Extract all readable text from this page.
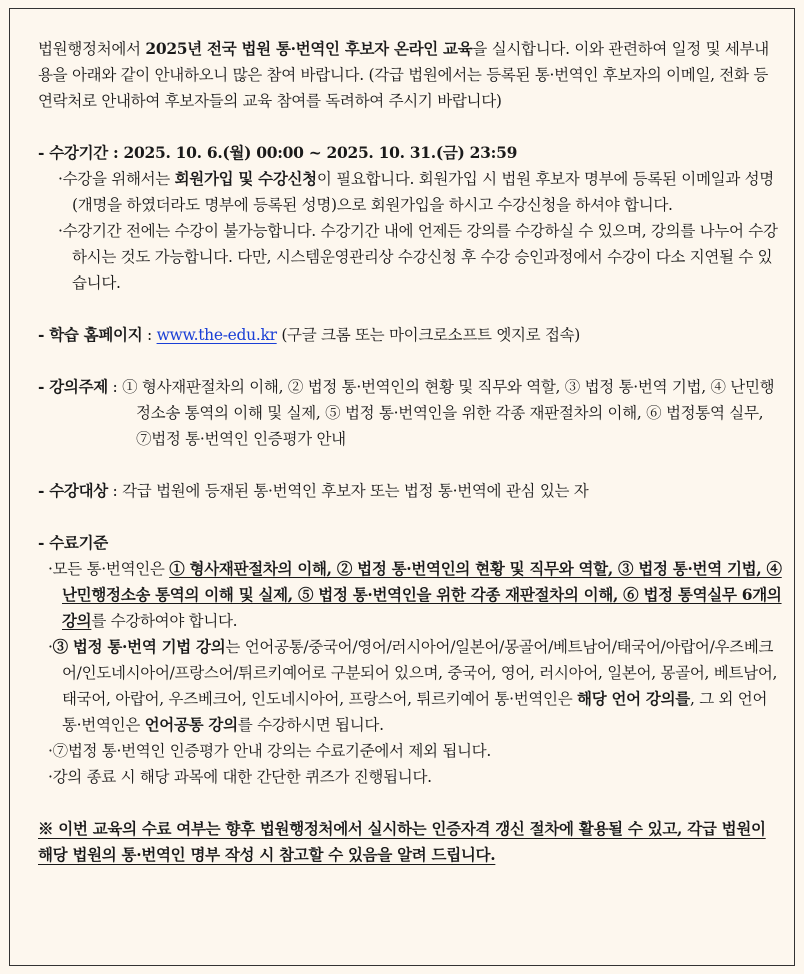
법원행정처에서 2025년 전국 법원 통·번역인 후보자 온라인 교육을 실시합니다. 이와 관련하여 일정 및 세부내용을 아래와 같이 안내하오니 많은 참여 바랍니다. (각급 법원에서는 등록된 통·번역인 후보자의 이메일, 전화 등 연락처로 안내하여 후보자들의 교육 참여를 독려하여 주시기 바랍니다)

- 수강기간 : 2025. 10. 6.(월) 00:00 ~ 2025. 10. 31.(금) 23:59

·수강을 위해서는 회원가입 및 수강신청이 필요합니다. 회원가입 시 법원 후보자 명부에 등록된 이메일과 성명(개명을 하였더라도 명부에 등록된 성명)으로 회원가입을 하시고 수강신청을 하셔야 합니다.

·수강기간 전에는 수강이 불가능합니다. 수강기간 내에 언제든 강의를 수강하실 수 있으며, 강의를 나누어 수강하시는 것도 가능합니다. 다만, 시스템운영관리상 수강신청 후 수강 승인과정에서 수강이 다소 지연될 수 있습니다.

- 학습 홈페이지 : www.the-edu.kr (구글 크롬 또는 마이크로소프트 엣지로 접속)

- 강의주제 : ① 형사재판절차의 이해, ② 법정 통·번역인의 현황 및 직무와 역할, ③ 법정 통·번역 기법, ④ 난민행정소송 통역의 이해 및 실제, ⑤ 법정 통·번역인을 위한 각종 재판절차의 이해, ⑥ 법정통역 실무, ⑦법정 통·번역인 인증평가 안내

- 수강대상 : 각급 법원에 등재된 통·번역인 후보자 또는 법정 통·번역에 관심 있는 자

- 수료기준

·모든 통·번역인은 ① 형사재판절차의 이해, ② 법정 통·번역인의 현황 및 직무와 역할, ③ 법정 통·번역 기법, ④ 난민행정소송 통역의 이해 및 실제, ⑤ 법정 통·번역인을 위한 각종 재판절차의 이해, ⑥ 법정 통역실무 6개의 강의를 수강하여야 합니다.

·③ 법정 통·번역 기법 강의는 언어공통/중국어/영어/러시아어/일본어/몽골어/베트남어/태국어/아랍어/우즈베크어/인도네시아어/프랑스어/튀르키예어로 구분되어 있으며, 중국어, 영어, 러시아어, 일본어, 몽골어, 베트남어, 태국어, 아랍어, 우즈베크어, 인도네시아어, 프랑스어, 튀르키예어 통·번역인은 해당 언어 강의를, 그 외 언어 통·번역인은 언어공통 강의를 수강하시면 됩니다.

·⑦법정 통·번역인 인증평가 안내 강의는 수료기준에서 제외 됩니다.

·강의 종료 시 해당 과목에 대한 간단한 퀴즈가 진행됩니다.

※ 이번 교육의 수료 여부는 향후 법원행정처에서 실시하는 인증자격 갱신 절차에 활용될 수 있고, 각급 법원이 해당 법원의 통·번역인 명부 작성 시 참고할 수 있음을 알려 드립니다.
